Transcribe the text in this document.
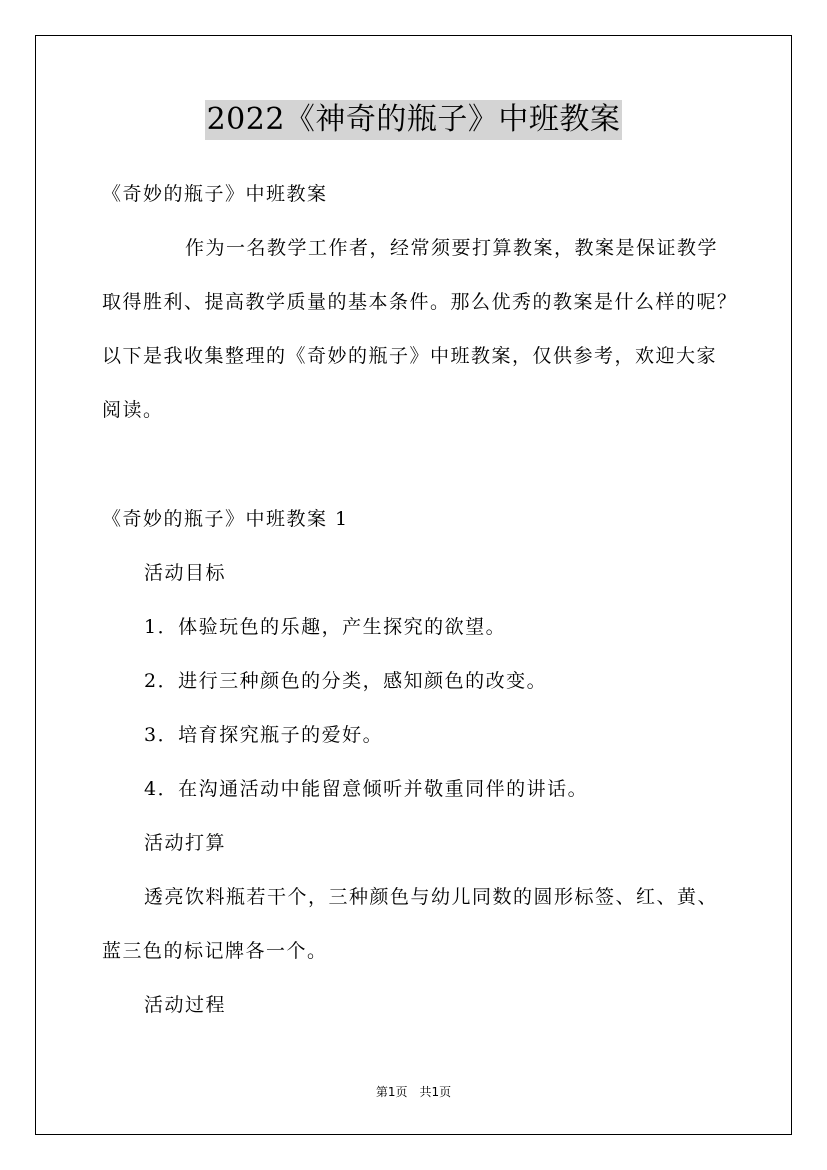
2022《神奇的瓶子》中班教案
《奇妙的瓶子》中班教案
作为一名教学工作者，经常须要打算教案，教案是保证教学
取得胜利、提高教学质量的基本条件。那么优秀的教案是什么样的呢？
以下是我收集整理的《奇妙的瓶子》中班教案，仅供参考，欢迎大家
阅读。
《奇妙的瓶子》中班教案 1
活动目标
1．体验玩色的乐趣，产生探究的欲望。
2．进行三种颜色的分类，感知颜色的改变。
3．培育探究瓶子的爱好。
4．在沟通活动中能留意倾听并敬重同伴的讲话。
活动打算
透亮饮料瓶若干个，三种颜色与幼儿同数的圆形标签、红、黄、
蓝三色的标记牌各一个。
活动过程
第1页　共1页
